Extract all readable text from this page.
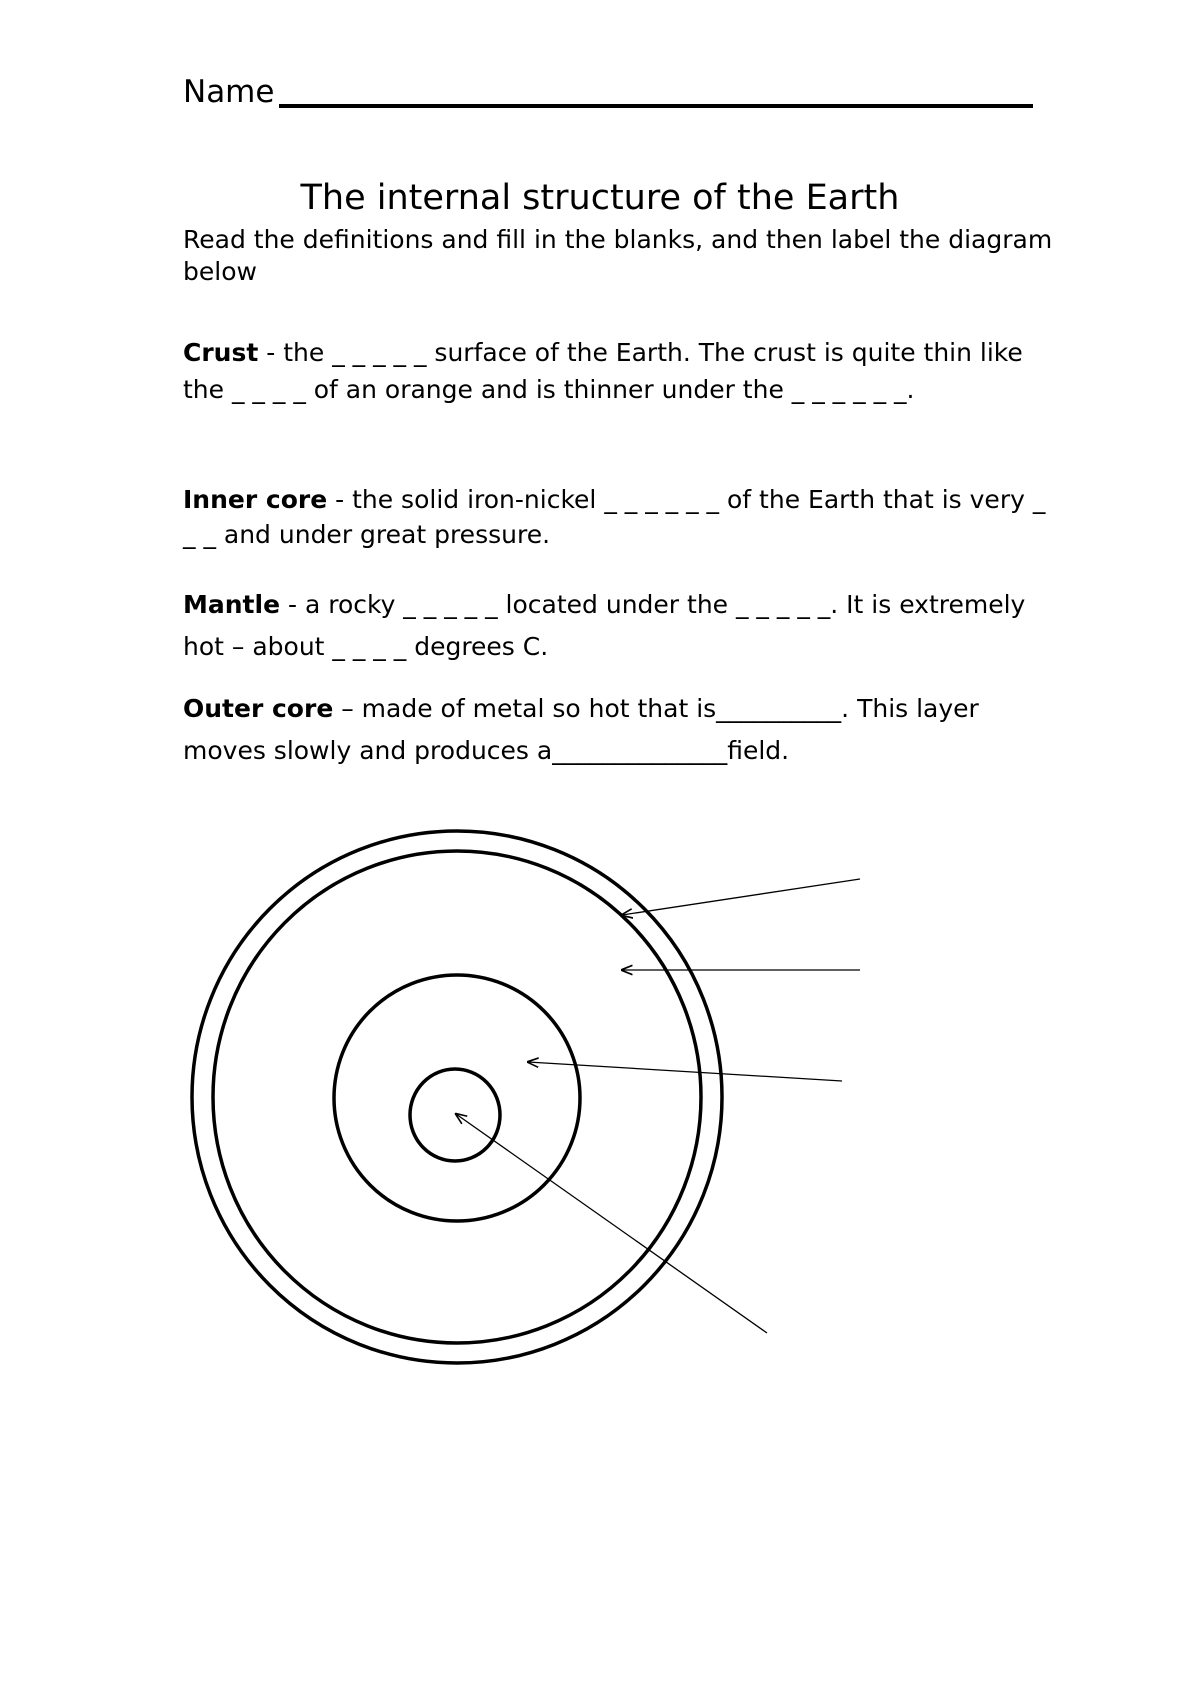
Name
The internal structure of the Earth

Read the definitions and fill in the blanks, and then label the diagram below

Crust - the _ _ _ _ _ surface of the Earth. The crust is quite thin like the _ _ _ _ of an orange and is thinner under the _ _ _ _ _ _.

Inner core - the solid iron-nickel _ _ _ _ _ _ of the Earth that is very _ _ _ and under great pressure.

Mantle - a rocky _ _ _ _ _ located under the _ _ _ _ _. It is extremely hot – about _ _ _ _ degrees C.

Outer core – made of metal so hot that is__________. This layer moves slowly and produces a______________field.
